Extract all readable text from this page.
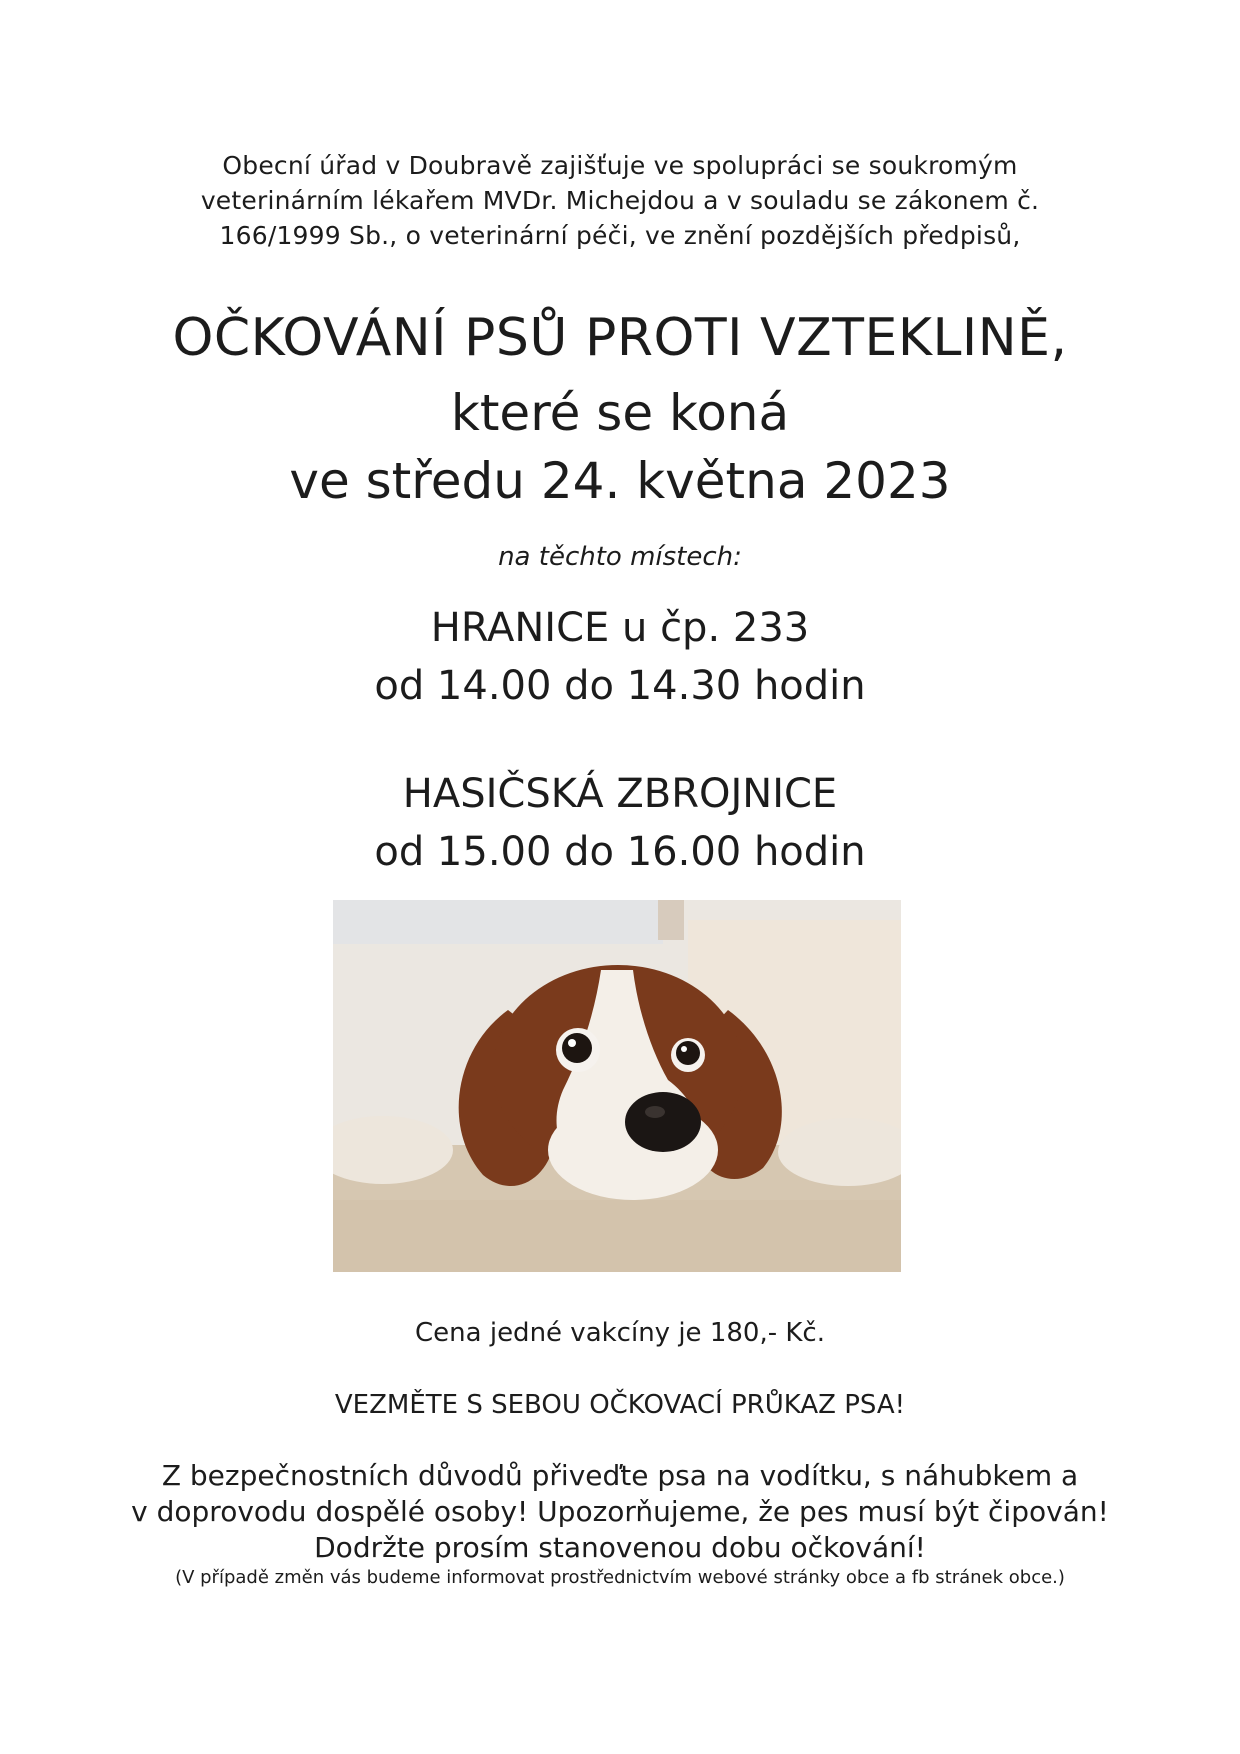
Obecní úřad v Doubravě zajišťuje ve spolupráci se soukromým
veterinárním lékařem MVDr. Michejdou a v souladu se zákonem č.
166/1999 Sb., o veterinární péči, ve znění pozdějších předpisů,
OČKOVÁNÍ PSŮ PROTI VZTEKLINĚ,
které se koná
ve středu 24. května 2023
na těchto místech:
HRANICE u čp. 233
od 14.00 do 14.30 hodin
HASIČSKÁ ZBROJNICE
od 15.00 do 16.00 hodin
Cena jedné vakcíny je 180,- Kč.
VEZMĚTE S SEBOU OČKOVACÍ PRŮKAZ PSA!
Z bezpečnostních důvodů přiveďte psa na vodítku, s náhubkem a
v doprovodu dospělé osoby! Upozorňujeme, že pes musí být čipován!
Dodržte prosím stanovenou dobu očkování!
(V případě změn vás budeme informovat prostřednictvím webové stránky obce a fb stránek obce.)
